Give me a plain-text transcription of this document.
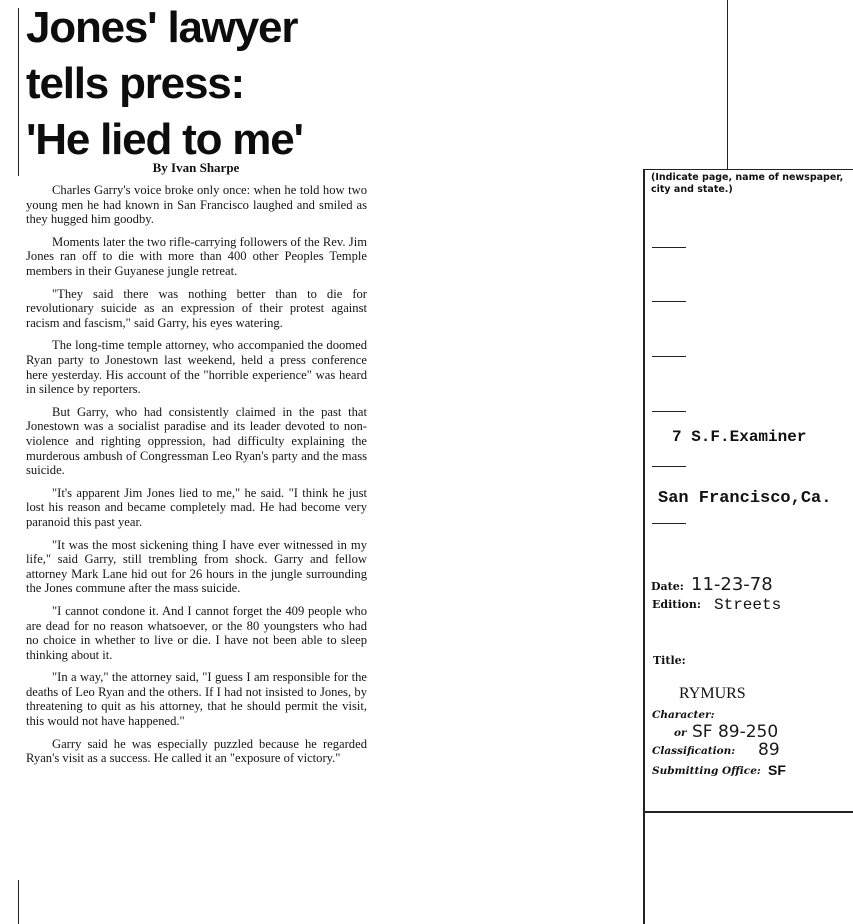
Jones' lawyer
tells press:
'He lied to me'
By Ivan Sharpe

Charles Garry's voice broke only once: when he told how two young men he had known in San Francisco laughed and smiled as they hugged him goodby.

Moments later the two rifle-carrying followers of the Rev. Jim Jones ran off to die with more than 400 other Peoples Temple members in their Guyanese jungle retreat.

"They said there was nothing better than to die for revolutionary suicide as an expression of their protest against racism and fascism," said Garry, his eyes watering.

The long-time temple attorney, who accompanied the doomed Ryan party to Jonestown last weekend, held a press conference here yesterday. His account of the "horrible experience" was heard in silence by reporters.

But Garry, who had consistently claimed in the past that Jonestown was a socialist paradise and its leader devoted to non-violence and righting oppression, had difficulty explaining the murderous ambush of Congressman Leo Ryan's party and the mass suicide.

"It's apparent Jim Jones lied to me," he said. "I think he just lost his reason and became completely mad. He had become very paranoid this past year.

"It was the most sickening thing I have ever witnessed in my life," said Garry, still trembling from shock. Garry and fellow attorney Mark Lane hid out for 26 hours in the jungle surrounding the Jones commune after the mass suicide.

"I cannot condone it. And I cannot forget the 409 people who are dead for no reason whatsoever, or the 80 youngsters who had no choice in whether to live or die. I have not been able to sleep thinking about it.

"In a way," the attorney said, "I guess I am responsible for the deaths of Leo Ryan and the others. If I had not insisted to Jones, by threatening to quit as his attorney, that he should permit the visit, this would not have happened."

Garry said he was especially puzzled because he regarded Ryan's visit as a success. He called it an "exposure of victory."

(Indicate page, name of newspaper, city and state.)
7 S.F.Examiner
San Francisco,Ca.
Date: 11-23-78
Edition: Streets
Title:
RYMURS
Character:
or SF 89-250
Classification: 89
Submitting Office: SF
